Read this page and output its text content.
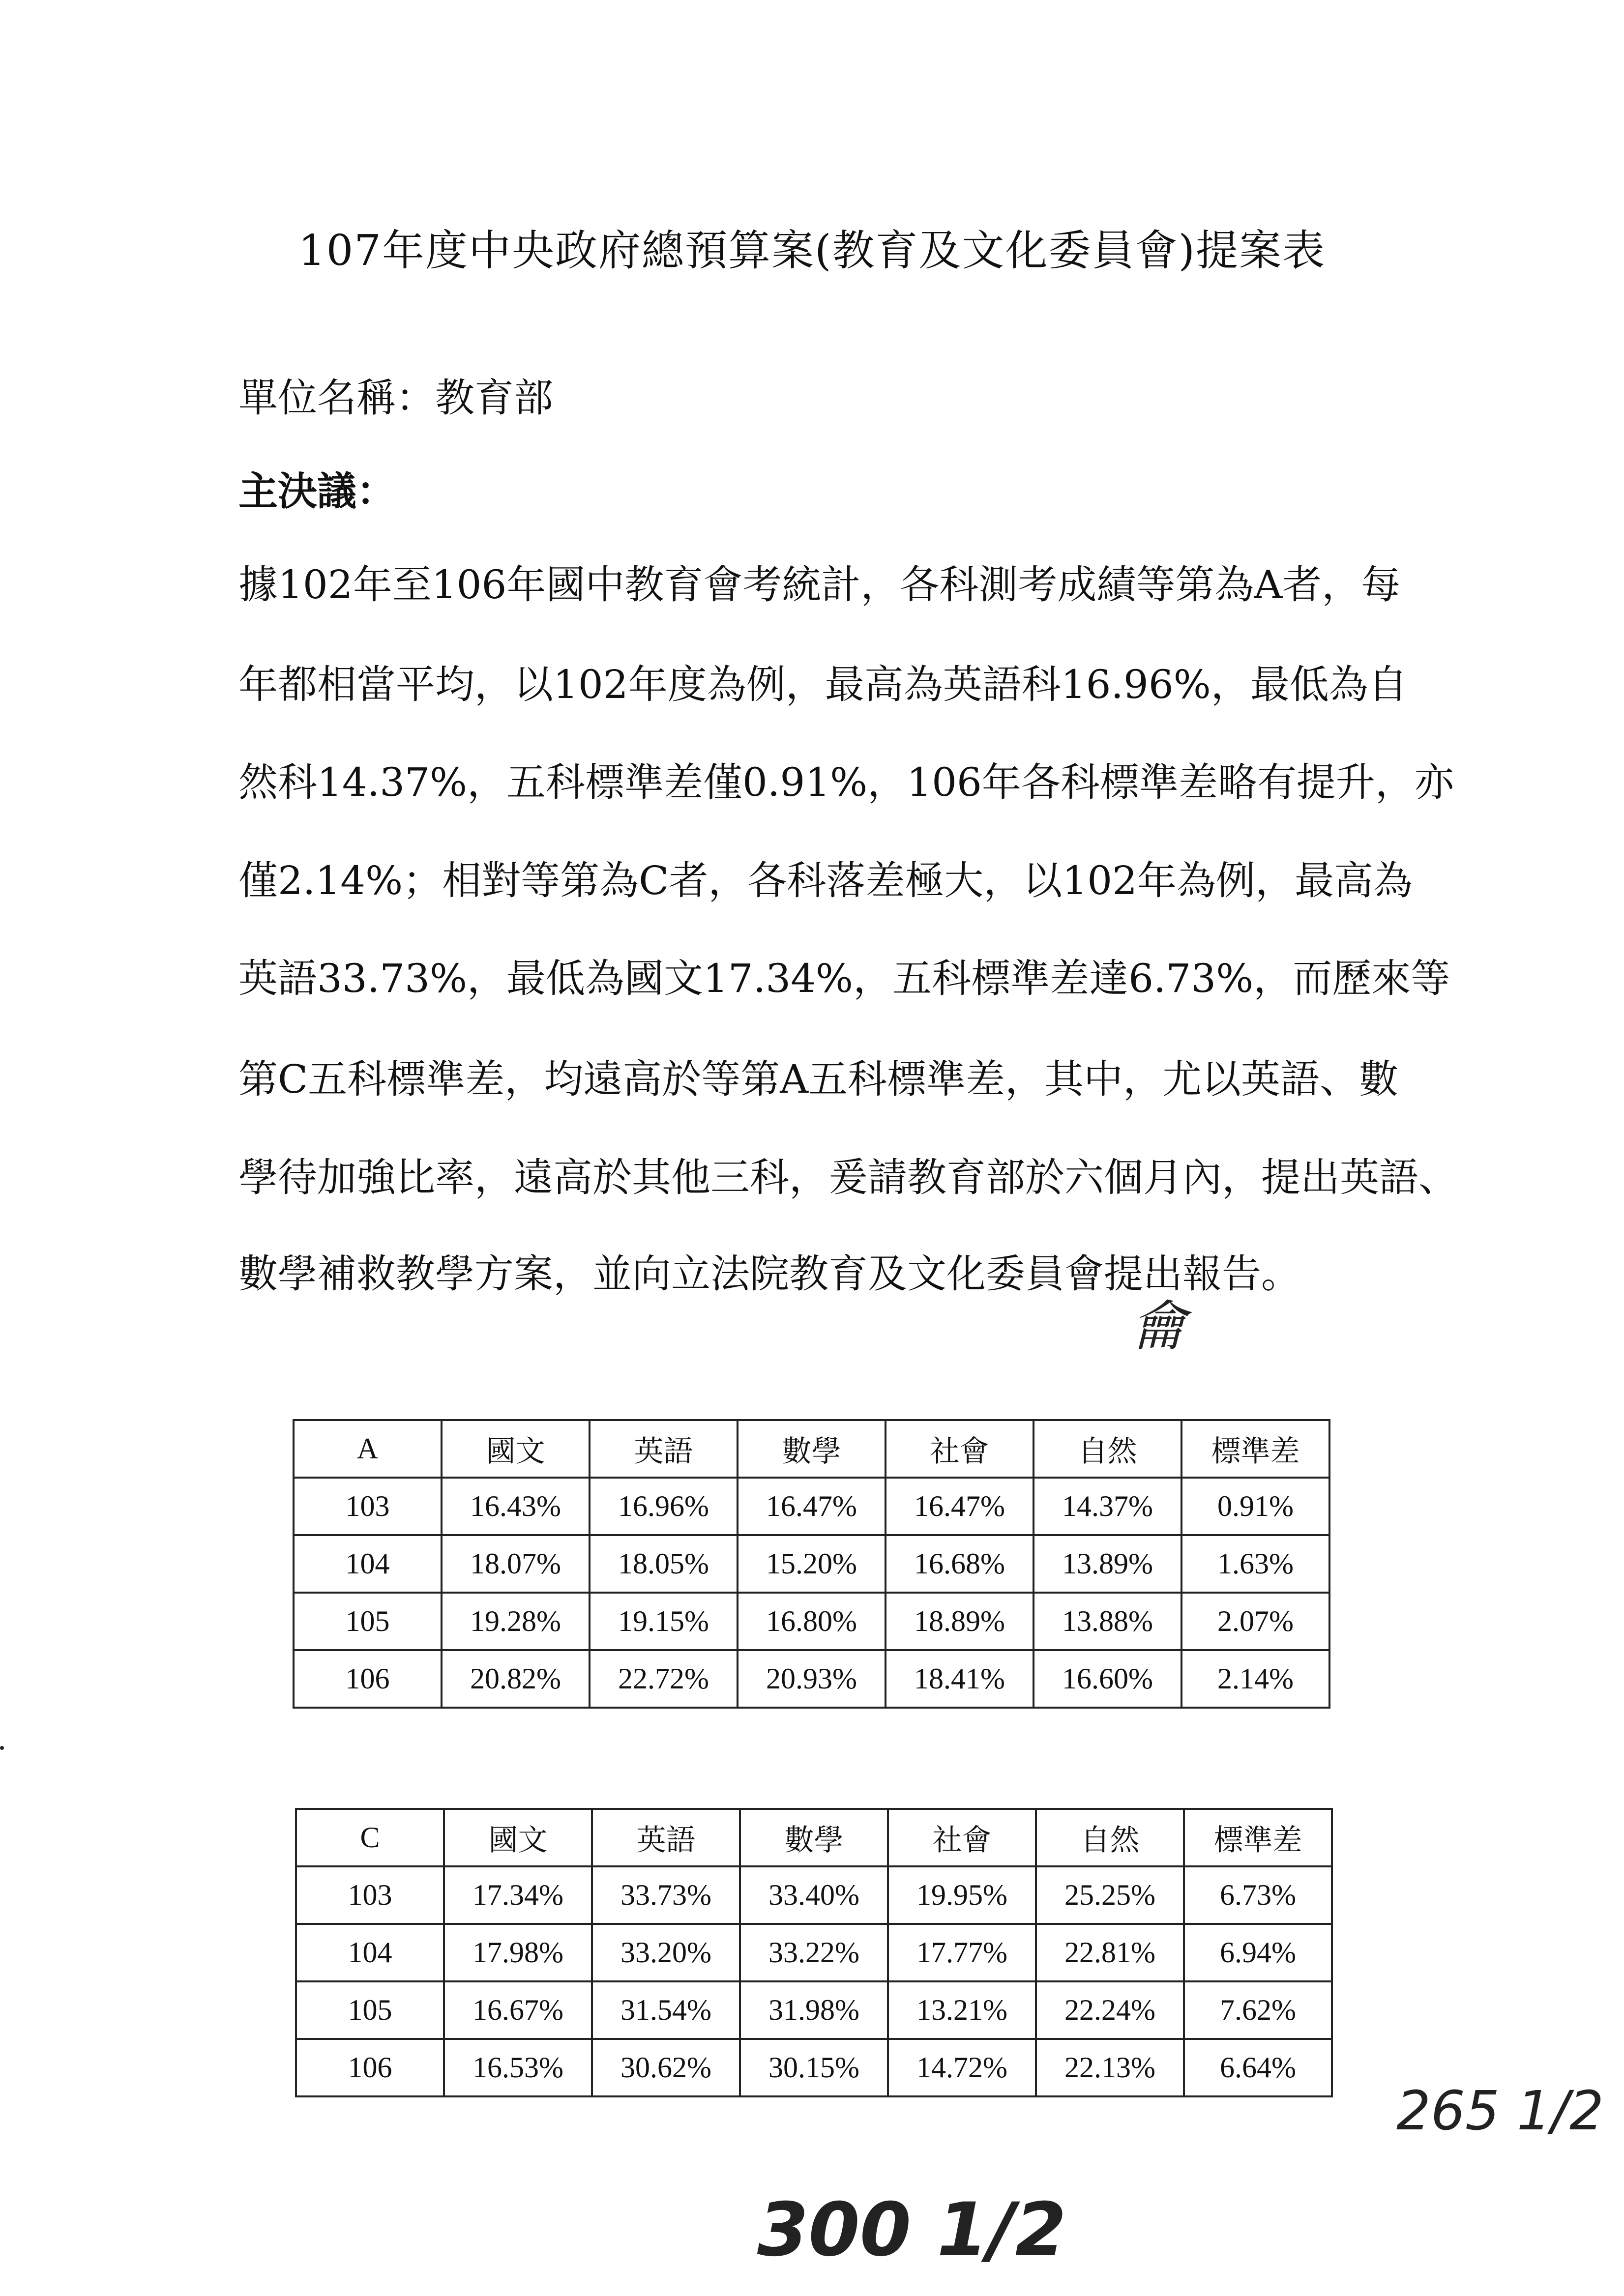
107年度中央政府總預算案(教育及文化委員會)提案表
單位名稱：教育部
主決議：
據102年至106年國中教育會考統計，各科測考成績等第為A者，每
年都相當平均，以102年度為例，最高為英語科16.96%，最低為自
然科14.37%，五科標準差僅0.91%，106年各科標準差略有提升，亦
僅2.14%；相對等第為C者，各科落差極大，以102年為例，最高為
英語33.73%，最低為國文17.34%，五科標準差達6.73%，而歷來等
第C五科標準差，均遠高於等第A五科標準差，其中，尤以英語、數
學待加強比率，遠高於其他三科，爰請教育部於六個月內，提出英語、
數學補救教學方案，並向立法院教育及文化委員會提出報告。
龠
A	國文	英語	數學	社會	自然	標準差
103	16.43%	16.96%	16.47%	16.47%	14.37%	0.91%
104	18.07%	18.05%	15.20%	16.68%	13.89%	1.63%
105	19.28%	19.15%	16.80%	18.89%	13.88%	2.07%
106	20.82%	22.72%	20.93%	18.41%	16.60%	2.14%
C	國文	英語	數學	社會	自然	標準差
103	17.34%	33.73%	33.40%	19.95%	25.25%	6.73%
104	17.98%	33.20%	33.22%	17.77%	22.81%	6.94%
105	16.67%	31.54%	31.98%	13.21%	22.24%	7.62%
106	16.53%	30.62%	30.15%	14.72%	22.13%	6.64%
265 1/2
300 1/2
